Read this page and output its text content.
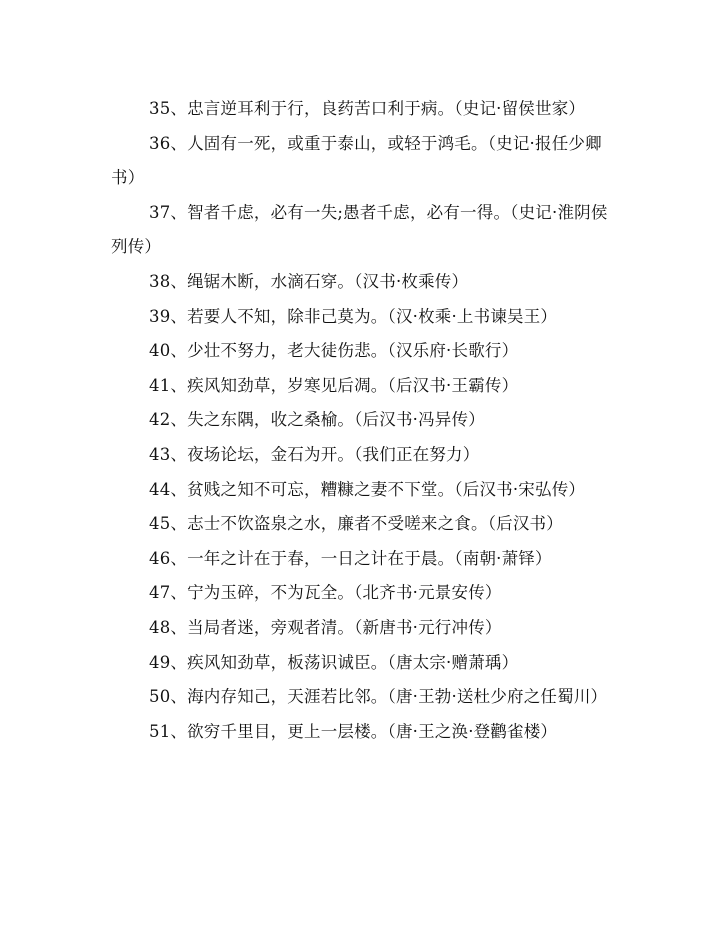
35、忠言逆耳利于行，良药苦口利于病。（史记·留侯世家）

36、人固有一死，或重于泰山，或轻于鸿毛。（史记·报任少卿书）

37、智者千虑，必有一失;愚者千虑，必有一得。（史记·淮阴侯列传）

38、绳锯木断，水滴石穿。（汉书·枚乘传）

39、若要人不知，除非己莫为。（汉·枚乘·上书谏吴王）

40、少壮不努力，老大徒伤悲。（汉乐府·长歌行）

41、疾风知劲草，岁寒见后凋。（后汉书·王霸传）

42、失之东隅，收之桑榆。（后汉书·冯异传）

43、夜场论坛，金石为开。（我们正在努力）

44、贫贱之知不可忘，糟糠之妻不下堂。（后汉书·宋弘传）

45、志士不饮盗泉之水，廉者不受嗟来之食。（后汉书）

46、一年之计在于春，一日之计在于晨。（南朝·萧铎）

47、宁为玉碎，不为瓦全。（北齐书·元景安传）

48、当局者迷，旁观者清。（新唐书·元行冲传）

49、疾风知劲草，板荡识诚臣。（唐太宗·赠萧瑀）

50、海内存知己，天涯若比邻。（唐·王勃·送杜少府之任蜀川）

51、欲穷千里目，更上一层楼。（唐·王之涣·登鹳雀楼）
